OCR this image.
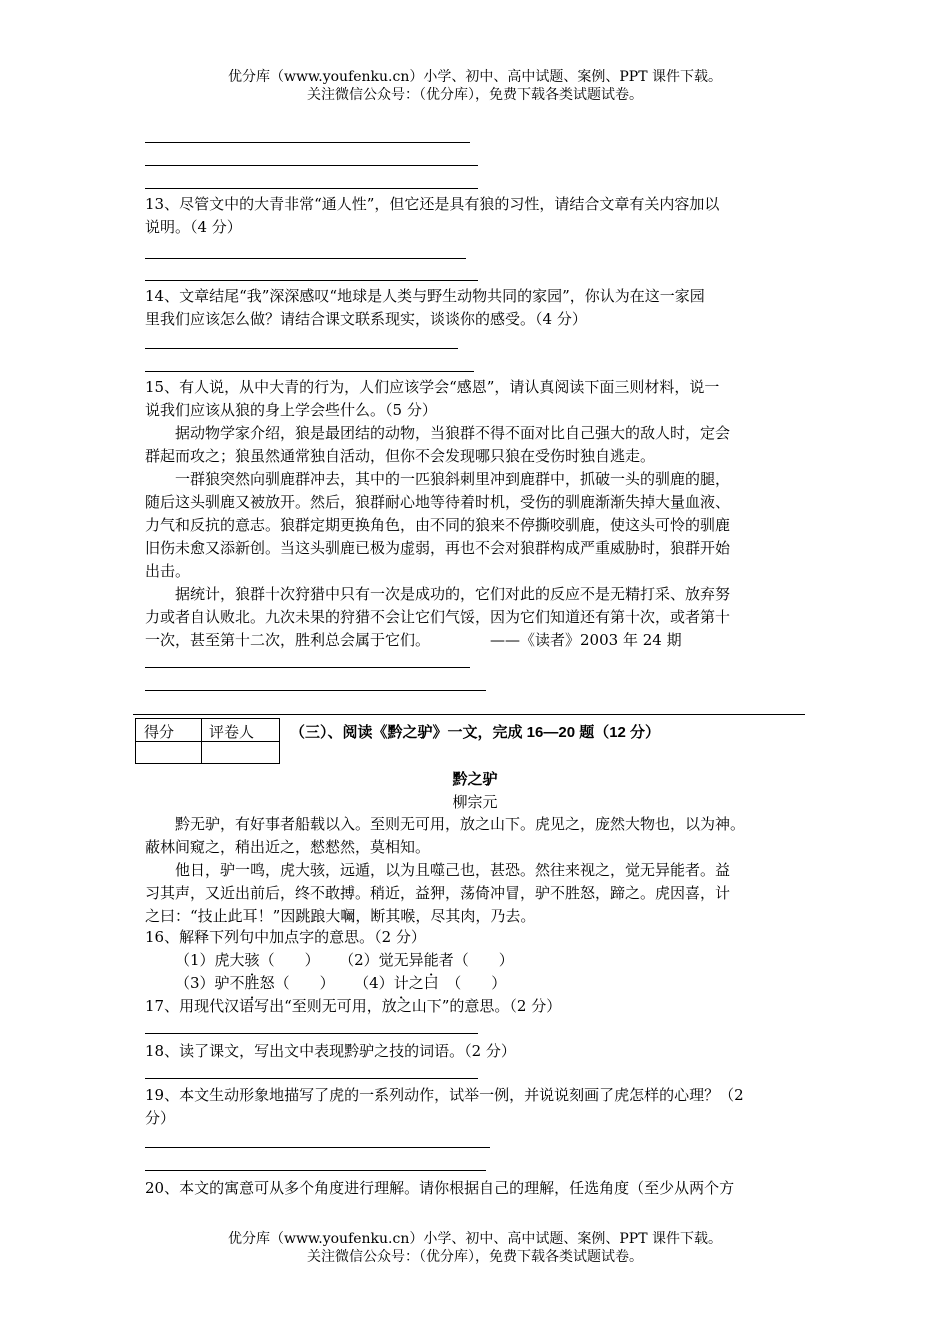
优分库（www.youfenku.cn）小学、初中、高中试题、案例、PPT 课件下载。
关注微信公众号：（优分库），免费下载各类试题试卷。
13、尽管文中的大青非常“通人性”，但它还是具有狼的习性，请结合文章有关内容加以
说明。（4 分）
14、文章结尾“我”深深感叹“地球是人类与野生动物共同的家园”，你认为在这一家园
里我们应该怎么做？请结合课文联系现实，谈谈你的感受。（4 分）
15、有人说，从中大青的行为，人们应该学会“感恩”，请认真阅读下面三则材料，说一
说我们应该从狼的身上学会些什么。（5 分）
　　据动物学家介绍，狼是最团结的动物，当狼群不得不面对比自己强大的敌人时，定会
群起而攻之；狼虽然通常独自活动，但你不会发现哪只狼在受伤时独自逃走。
　　一群狼突然向驯鹿群冲去，其中的一匹狼斜刺里冲到鹿群中，抓破一头的驯鹿的腿，
随后这头驯鹿又被放开。然后，狼群耐心地等待着时机，受伤的驯鹿渐渐失掉大量血液、
力气和反抗的意志。狼群定期更换角色，由不同的狼来不停撕咬驯鹿，使这头可怜的驯鹿
旧伤未愈又添新创。当这头驯鹿已极为虚弱，再也不会对狼群构成严重威胁时，狼群开始
出击。
　　据统计，狼群十次狩猎中只有一次是成功的，它们对此的反应不是无精打采、放弃努
力或者自认败北。九次未果的狩猎不会让它们气馁，因为它们知道还有第十次，或者第十
一次，甚至第十二次，胜利总会属于它们。	——《读者》2003 年 24 期
得分 评卷人 （三）、阅读《黔之驴》一文，完成 16—20 题（12 分）
黔之驴
柳宗元
　　黔无驴，有好事者船载以入。至则无可用，放之山下。虎见之，庞然大物也，以为神。
蔽林间窥之，稍出近之，憖憖然，莫相知。
　　他日，驴一鸣，虎大骇，远遁，以为且噬己也，甚恐。然往来视之，觉无异能者。益
习其声，又近出前后，终不敢搏。稍近，益狎，荡倚冲冒，驴不胜怒，蹄之。虎因喜，计
之曰：“技止此耳！”因跳踉大㘎，断其喉，尽其肉，乃去。
16、解释下列句中加点字的意思。（2 分）
（1）虎大骇（　　） （2）觉无异能者（　　）
（3）驴不胜怒（　　） （4）计之曰　（　　）
17、用现代汉语写出“至则无可用，放之山下”的意思。（2 分）
18、读了课文，写出文中表现黔驴之技的词语。（2 分）
19、本文生动形象地描写了虎的一系列动作，试举一例，并说说刻画了虎怎样的心理？（2
分）
20、本文的寓意可从多个角度进行理解。请你根据自己的理解，任选角度（至少从两个方
优分库（www.youfenku.cn）小学、初中、高中试题、案例、PPT 课件下载。
关注微信公众号：（优分库），免费下载各类试题试卷。
